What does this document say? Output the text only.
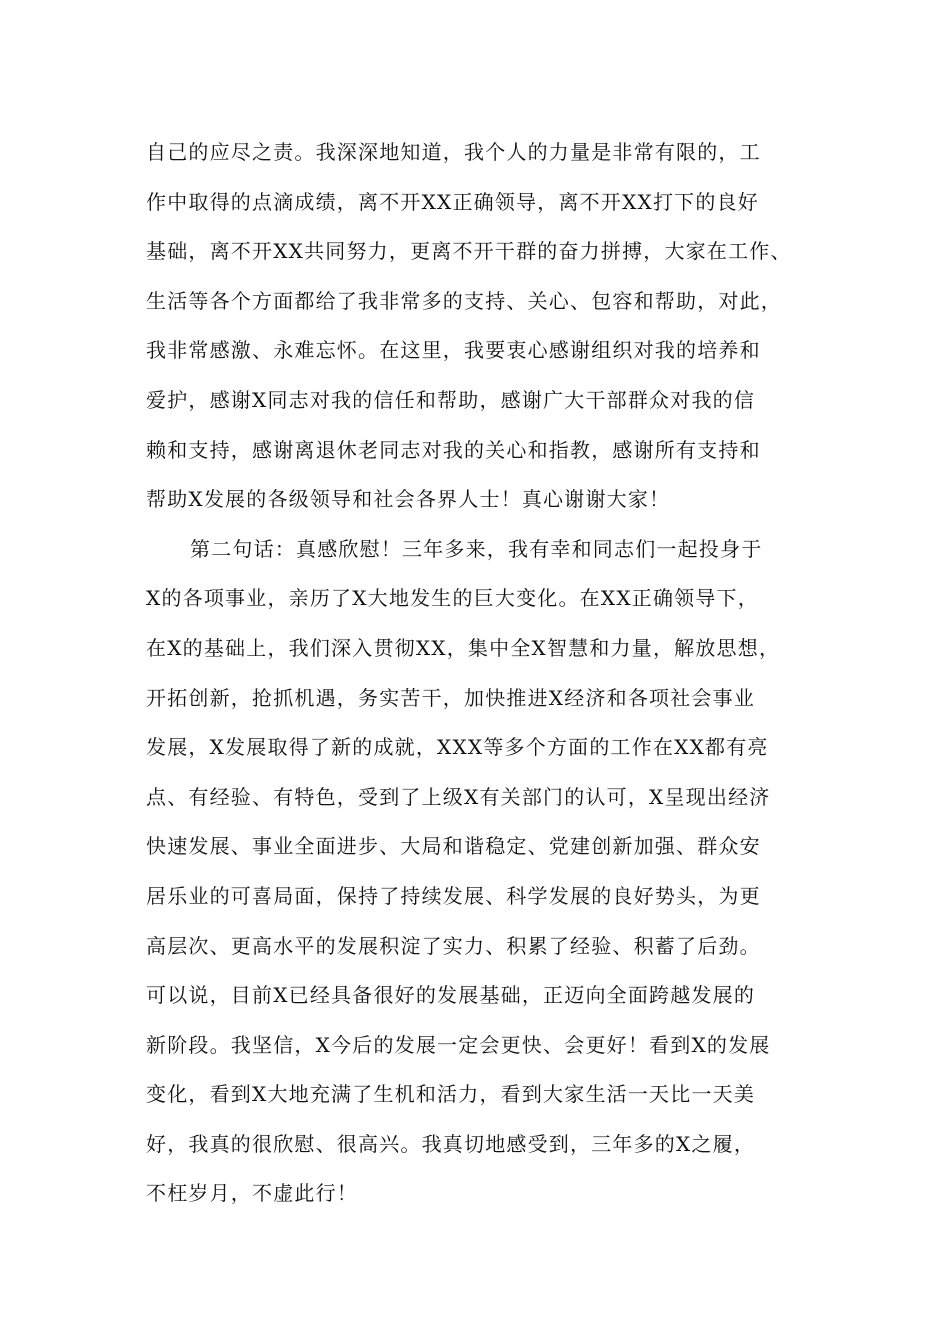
自己的应尽之责。我深深地知道，我个人的力量是非常有限的，工
作中取得的点滴成绩，离不开XX正确领导，离不开XX打下的良好
基础，离不开XX共同努力，更离不开干群的奋力拼搏，大家在工作、
生活等各个方面都给了我非常多的支持、关心、包容和帮助，对此，
我非常感激、永难忘怀。在这里，我要衷心感谢组织对我的培养和
爱护，感谢X同志对我的信任和帮助，感谢广大干部群众对我的信
赖和支持，感谢离退休老同志对我的关心和指教，感谢所有支持和
帮助X发展的各级领导和社会各界人士！真心谢谢大家！
第二句话：真感欣慰！三年多来，我有幸和同志们一起投身于
X的各项事业，亲历了X大地发生的巨大变化。在XX正确领导下，
在X的基础上，我们深入贯彻XX，集中全X智慧和力量，解放思想，
开拓创新，抢抓机遇，务实苦干，加快推进X经济和各项社会事业
发展，X发展取得了新的成就，XXX等多个方面的工作在XX都有亮
点、有经验、有特色，受到了上级X有关部门的认可，X呈现出经济
快速发展、事业全面进步、大局和谐稳定、党建创新加强、群众安
居乐业的可喜局面，保持了持续发展、科学发展的良好势头，为更
高层次、更高水平的发展积淀了实力、积累了经验、积蓄了后劲。
可以说，目前X已经具备很好的发展基础，正迈向全面跨越发展的
新阶段。我坚信，X今后的发展一定会更快、会更好！看到X的发展
变化，看到X大地充满了生机和活力，看到大家生活一天比一天美
好，我真的很欣慰、很高兴。我真切地感受到，三年多的X之履，
不枉岁月，不虚此行！
